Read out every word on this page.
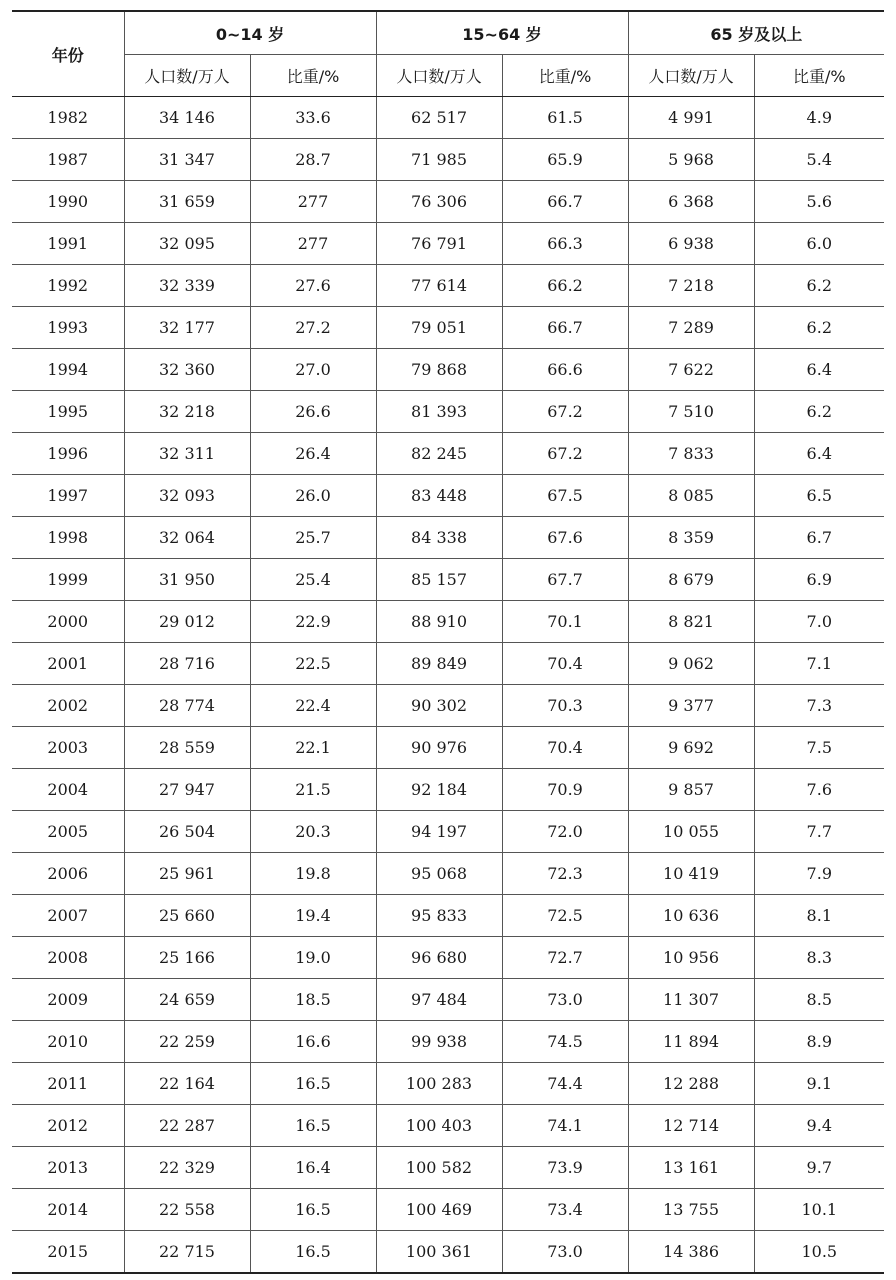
年份	0~14 岁		15~64 岁		65 岁及以上	
	人口数/万人	比重/%	人口数/万人	比重/%	人口数/万人	比重/%
1982	34 146	33.6	62 517	61.5	4 991	4.9
1987	31 347	28.7	71 985	65.9	5 968	5.4
1990	31 659	277	76 306	66.7	6 368	5.6
1991	32 095	277	76 791	66.3	6 938	6.0
1992	32 339	27.6	77 614	66.2	7 218	6.2
1993	32 177	27.2	79 051	66.7	7 289	6.2
1994	32 360	27.0	79 868	66.6	7 622	6.4
1995	32 218	26.6	81 393	67.2	7 510	6.2
1996	32 311	26.4	82 245	67.2	7 833	6.4
1997	32 093	26.0	83 448	67.5	8 085	6.5
1998	32 064	25.7	84 338	67.6	8 359	6.7
1999	31 950	25.4	85 157	67.7	8 679	6.9
2000	29 012	22.9	88 910	70.1	8 821	7.0
2001	28 716	22.5	89 849	70.4	9 062	7.1
2002	28 774	22.4	90 302	70.3	9 377	7.3
2003	28 559	22.1	90 976	70.4	9 692	7.5
2004	27 947	21.5	92 184	70.9	9 857	7.6
2005	26 504	20.3	94 197	72.0	10 055	7.7
2006	25 961	19.8	95 068	72.3	10 419	7.9
2007	25 660	19.4	95 833	72.5	10 636	8.1
2008	25 166	19.0	96 680	72.7	10 956	8.3
2009	24 659	18.5	97 484	73.0	11 307	8.5
2010	22 259	16.6	99 938	74.5	11 894	8.9
2011	22 164	16.5	100 283	74.4	12 288	9.1
2012	22 287	16.5	100 403	74.1	12 714	9.4
2013	22 329	16.4	100 582	73.9	13 161	9.7
2014	22 558	16.5	100 469	73.4	13 755	10.1
2015	22 715	16.5	100 361	73.0	14 386	10.5
